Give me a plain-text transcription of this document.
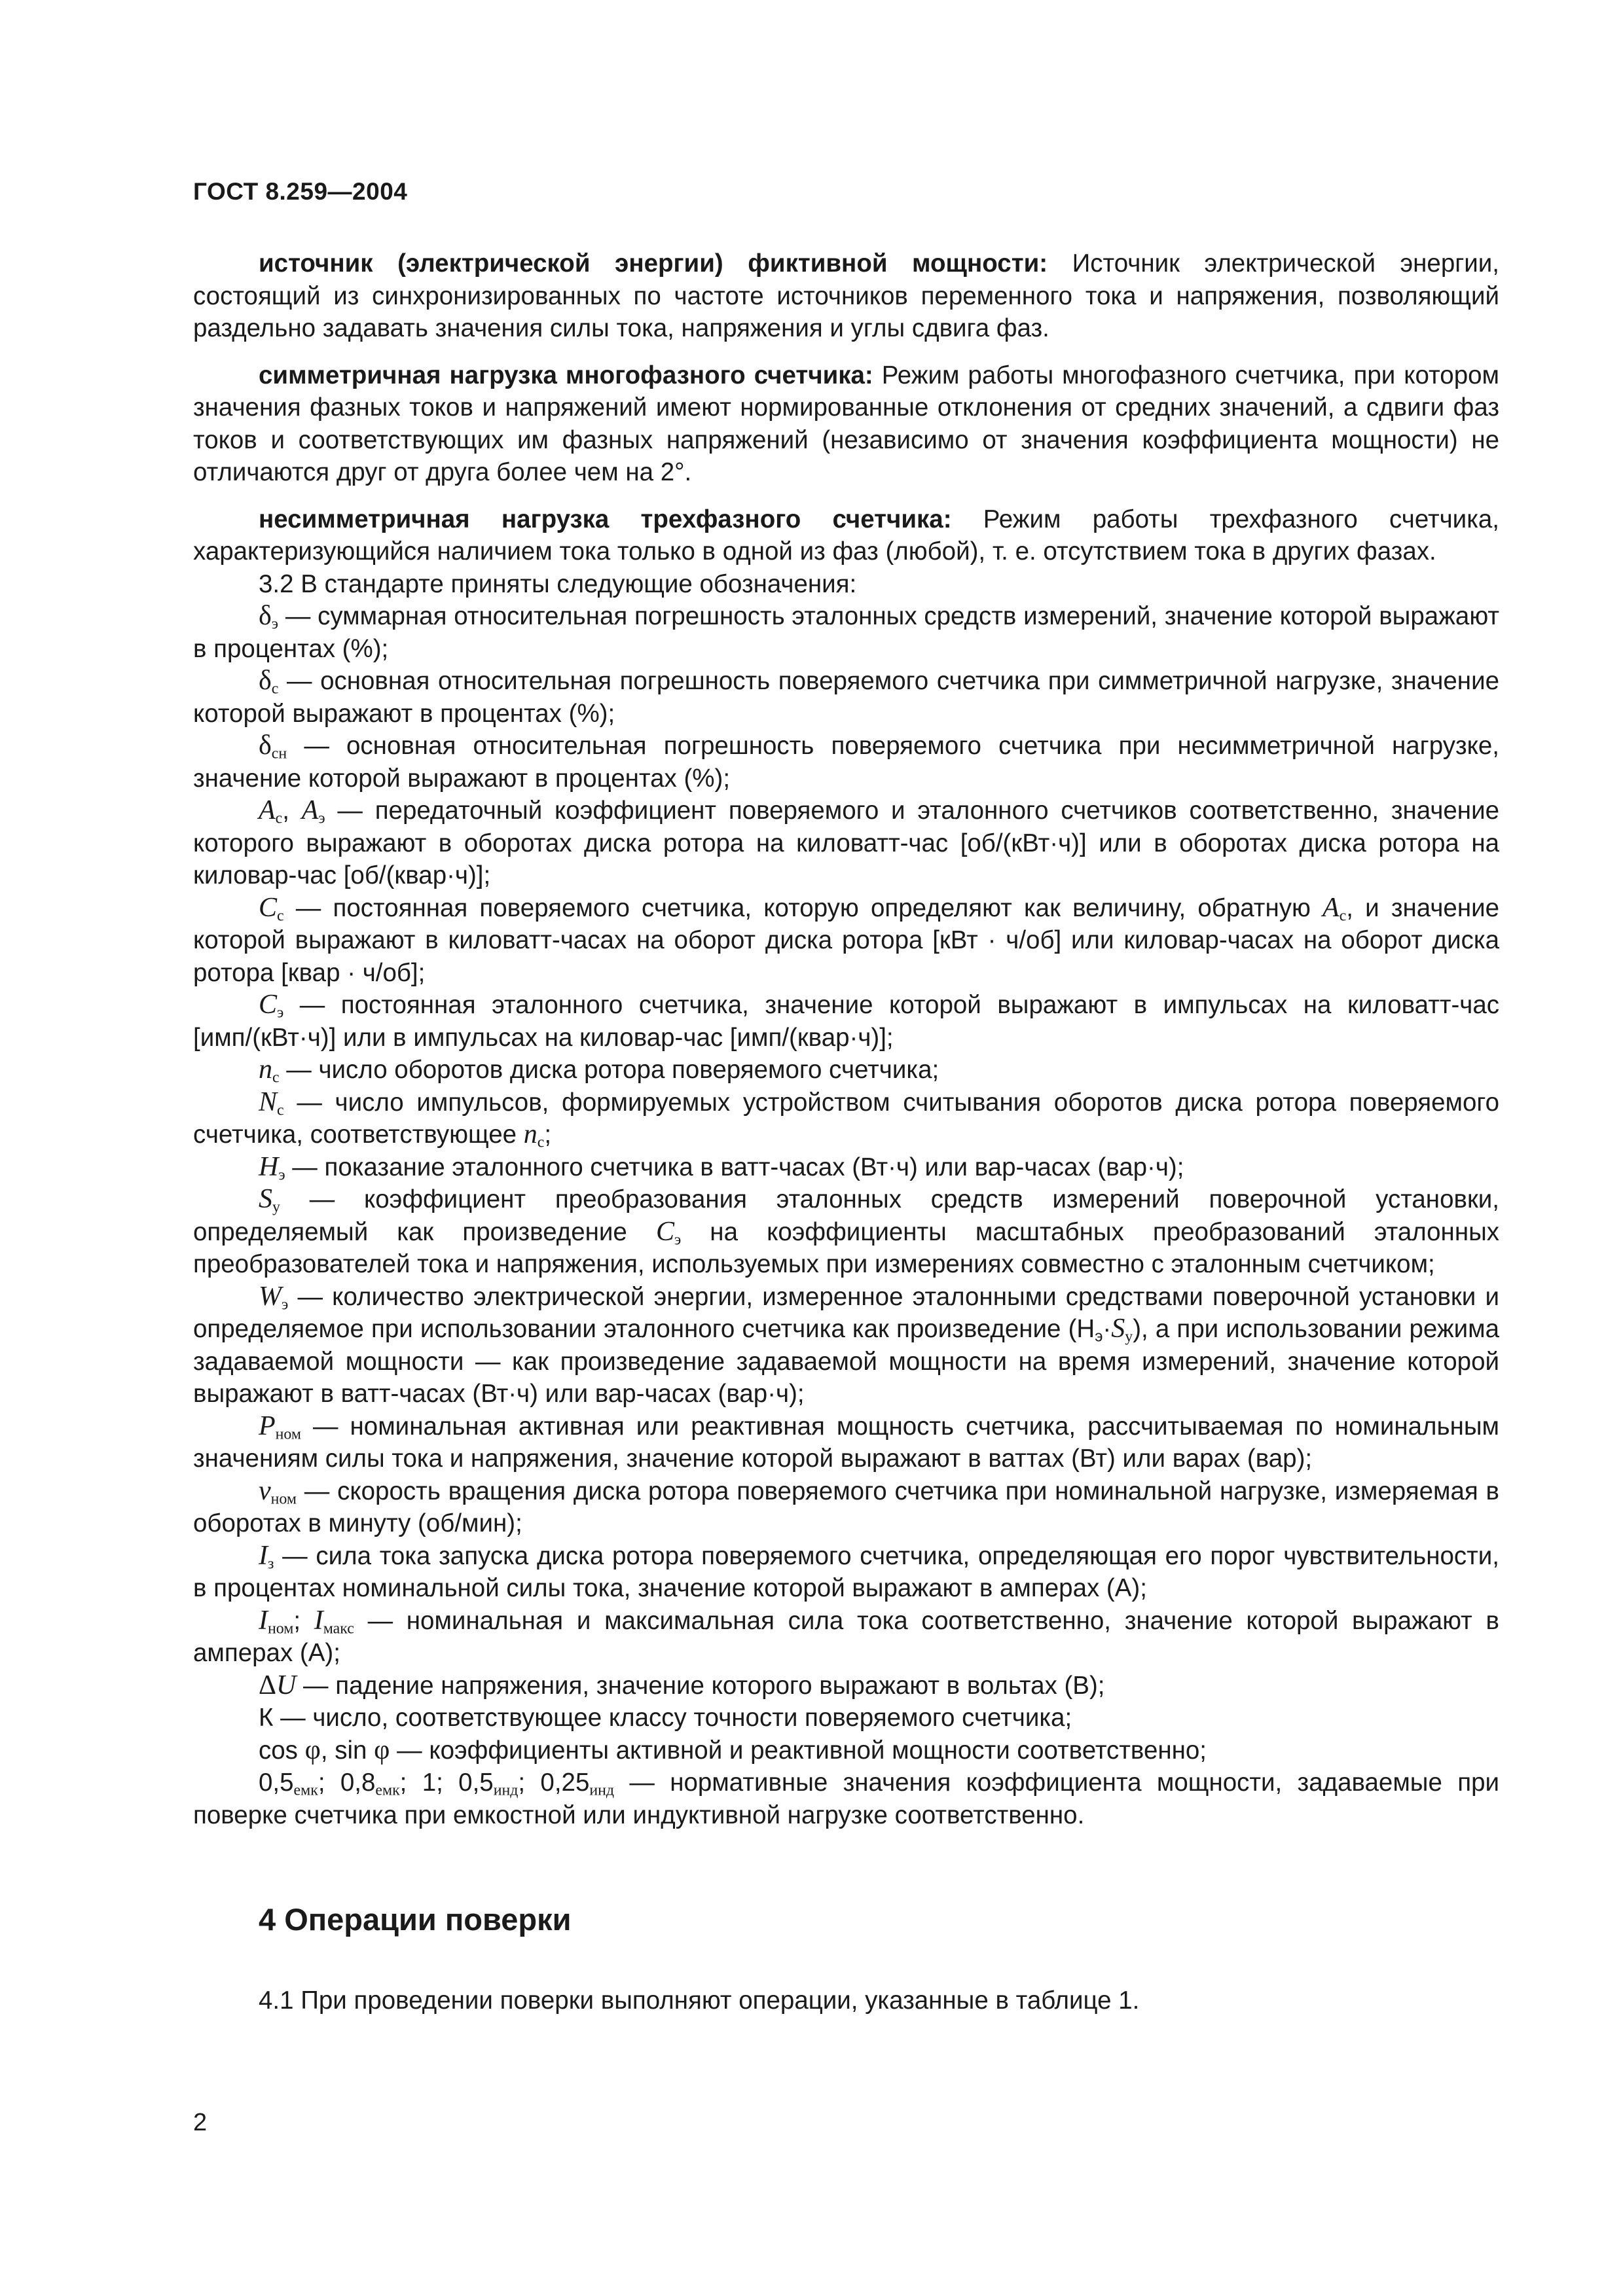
ГОСТ 8.259—2004

источник (электрической энергии) фиктивной мощности: Источник электрической энергии, состоящий из синхронизированных по частоте источников переменного тока и напряжения, позволяющий раздельно задавать значения силы тока, напряжения и углы сдвига фаз.

симметричная нагрузка многофазного счетчика: Режим работы многофазного счетчика, при котором значения фазных токов и напряжений имеют нормированные отклонения от средних значений, а сдвиги фаз токов и соответствующих им фазных напряжений (независимо от значения коэффициента мощности) не отличаются друг от друга более чем на 2°.

несимметричная нагрузка трехфазного счетчика: Режим работы трехфазного счетчика, характеризующийся наличием тока только в одной из фаз (любой), т. е. отсутствием тока в других фазах.

3.2 В стандарте приняты следующие обозначения:

$\delta_э$ — суммарная относительная погрешность эталонных средств измерений, значение которой выражают в процентах (%);

$\delta_с$ — основная относительная погрешность поверяемого счетчика при симметричной нагрузке, значение которой выражают в процентах (%);

$\delta_{сн}$ — основная относительная погрешность поверяемого счетчика при несимметричной нагрузке, значение которой выражают в процентах (%);

$A_с$, $A_э$ — передаточный коэффициент поверяемого и эталонного счетчиков соответственно, значение которого выражают в оборотах диска ротора на киловатт-час [об/(кВт·ч)] или в оборотах диска ротора на киловар-час [об/(квар·ч)];

$C_с$ — постоянная поверяемого счетчика, которую определяют как величину, обратную $A_с$, и значение которой выражают в киловатт-часах на оборот диска ротора [кВт · ч/об] или киловар-часах на оборот диска ротора [квар · ч/об];

$C_э$ — постоянная эталонного счетчика, значение которой выражают в импульсах на киловатт-час [имп/(кВт·ч)] или в импульсах на киловар-час [имп/(квар·ч)];

$n_с$ — число оборотов диска ротора поверяемого счетчика;

$N_с$ — число импульсов, формируемых устройством считывания оборотов диска ротора поверяемого счетчика, соответствующее $n_с$;

$H_э$ — показание эталонного счетчика в ватт-часах (Вт·ч) или вар-часах (вар·ч);

$S_у$ — коэффициент преобразования эталонных средств измерений поверочной установки, определяемый как произведение $C_э$ на коэффициенты масштабных преобразований эталонных преобразователей тока и напряжения, используемых при измерениях совместно с эталонным счетчиком;

$W_э$ — количество электрической энергии, измеренное эталонными средствами поверочной установки и определяемое при использовании эталонного счетчика как произведение $(Н_э\cdot S_у)$, а при использовании режима задаваемой мощности — как произведение задаваемой мощности на время измерений, значение которой выражают в ватт-часах (Вт·ч) или вар-часах (вар·ч);

$P_{ном}$ — номинальная активная или реактивная мощность счетчика, рассчитываемая по номинальным значениям силы тока и напряжения, значение которой выражают в ваттах (Вт) или варах (вар);

$v_{ном}$ — скорость вращения диска ротора поверяемого счетчика при номинальной нагрузке, измеряемая в оборотах в минуту (об/мин);

$I_з$ — сила тока запуска диска ротора поверяемого счетчика, определяющая его порог чувствительности, в процентах номинальной силы тока, значение которой выражают в амперах (А);

$I_{ном}$; $I_{макс}$ — номинальная и максимальная сила тока соответственно, значение которой выражают в амперах (А);

ΔU — падение напряжения, значение которого выражают в вольтах (В);

К — число, соответствующее классу точности поверяемого счетчика;

cos φ, sin φ — коэффициенты активной и реактивной мощности соответственно;

$0,5_{емк}$; $0,8_{емк}$; 1; $0,5_{инд}$; $0,25_{инд}$ — нормативные значения коэффициента мощности, задаваемые при поверке счетчика при емкостной или индуктивной нагрузке соответственно.

4 Операции поверки
4.1 При проведении поверки выполняют операции, указанные в таблице 1.
2
